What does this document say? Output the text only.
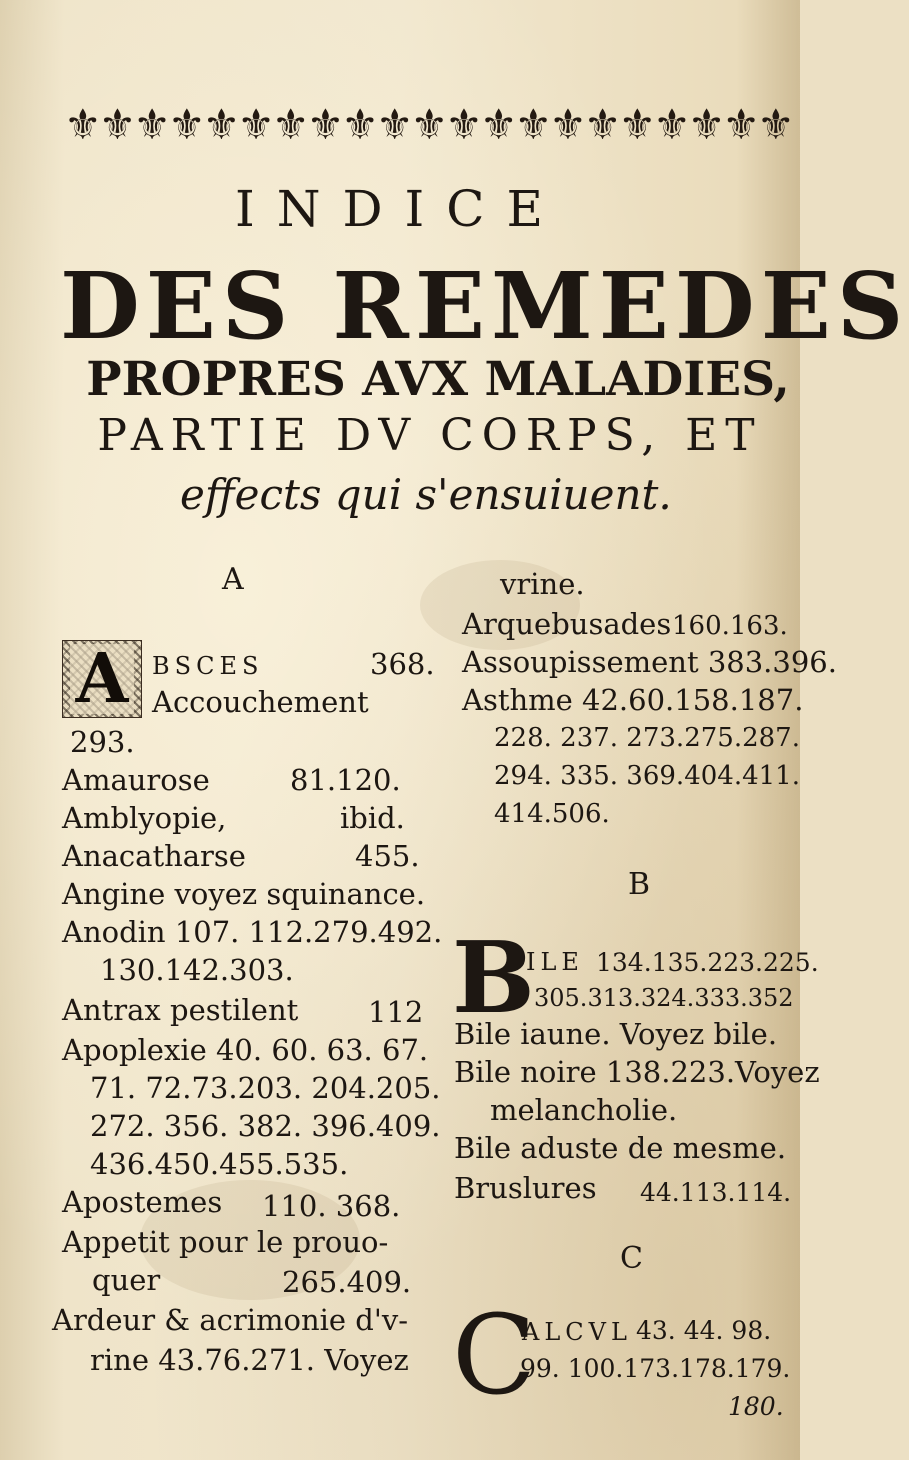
⚜⚜⚜⚜⚜⚜⚜⚜⚜⚜⚜⚜⚜⚜⚜⚜⚜⚜⚜⚜⚜
INDICE
DES REMEDES
PROPRES AVX MALADIES,
PARTIE DV CORPS, ET
effects qui s'ensuiuent.
A
A BSCES	368.
Accouchement
293.
Amaurose	81.120.
Amblyopie,	ibid.
Anacatharse	455.
Angine voyez squinance.
Anodin 107. 112.279.492.
130.142.303.
Antrax pestilent 112
Apoplexie 40. 60. 63. 67.
71. 72.73.203. 204.205.
272. 356. 382. 396.409.
436.450.455.535.
Apostemes 110. 368.
Appetit pour le prouo-
quer	265.409.
Ardeur & acrimonie d'v-
rine 43.76.271. Voyez
vrine.
Arquebusades 160.163.
Assoupissement 383.396.
Asthme 42.60.158.187.
228. 237. 273.275.287.
294. 335. 369.404.411.
414.506.
B
B
ILE 134.135.223.225.
305.313.324.333.352
Bile iaune. Voyez bile.
Bile noire 138.223.Voyez
melancholie.
Bile aduste de mesme.
Bruslures 44.113.114.
C
C
ALCVL 43. 44. 98.
99. 100.173.178.179.
180.
